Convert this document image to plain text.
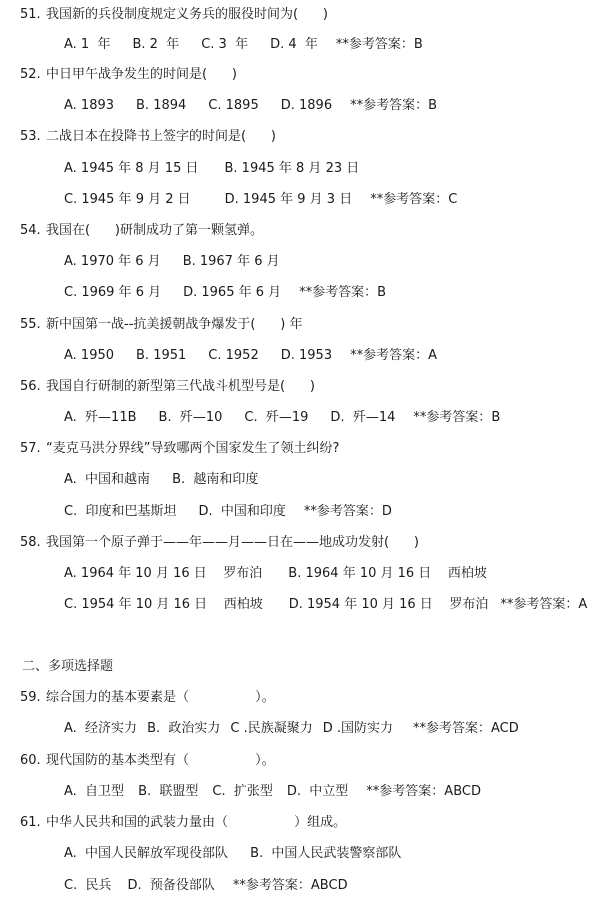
51. 我国新的兵役制度规定义务兵的服役时间为(      )
A. 1  年 B. 2  年 C. 3  年 D. 4  年 **参考答案：B
52. 中日甲午战争发生的时间是(      )
A. 1893 B. 1894 C. 1895 D. 1896 **参考答案：B
53. 二战日本在投降书上签字的时间是(      )
A. 1945 年 8 月 15 日 B. 1945 年 8 月 23 日
C. 1945 年 9 月 2 日	D. 1945 年 9 月 3 日 **参考答案：C
54. 我国在(      )研制成功了第一颗氢弹。
A. 1970 年 6 月 B. 1967 年 6 月
C. 1969 年 6 月 D. 1965 年 6 月 **参考答案：B
55. 新中国第一战--抗美援朝战争爆发于(      ) 年
A. 1950 B. 1951 C. 1952 D. 1953 **参考答案：A
56. 我国自行研制的新型第三代战斗机型号是(      )
A.  歼—11B B.  歼—10 C.  歼—19 D.  歼—14 **参考答案：B
57. “麦克马洪分界线”导致哪两个国家发生了领土纠纷?
A.  中国和越南 B.  越南和印度
C.  印度和巴基斯坦 D.  中国和印度 **参考答案：D
58. 我国第一个原子弹于——年——月——日在——地成功发射(      )
A. 1964 年 10 月 16 日    罗布泊 B. 1964 年 10 月 16 日    西柏坡
C. 1954 年 10 月 16 日    西柏坡 D. 1954 年 10 月 16 日    罗布泊 **参考答案：A
二、多项选择题
59. 综合国力的基本要素是（                ）。
A.  经济实力 B.  政治实力 C .民族凝聚力 D .国防实力 **参考答案：ACD
60. 现代国防的基本类型有（                ）。
A.  自卫型 B.  联盟型 C.  扩张型 D.  中立型 **参考答案：ABCD
61. 中华人民共和国的武装力量由（                ）组成。
A.  中国人民解放军现役部队 B.  中国人民武装警察部队
C.  民兵 D.  预备役部队 **参考答案：ABCD
